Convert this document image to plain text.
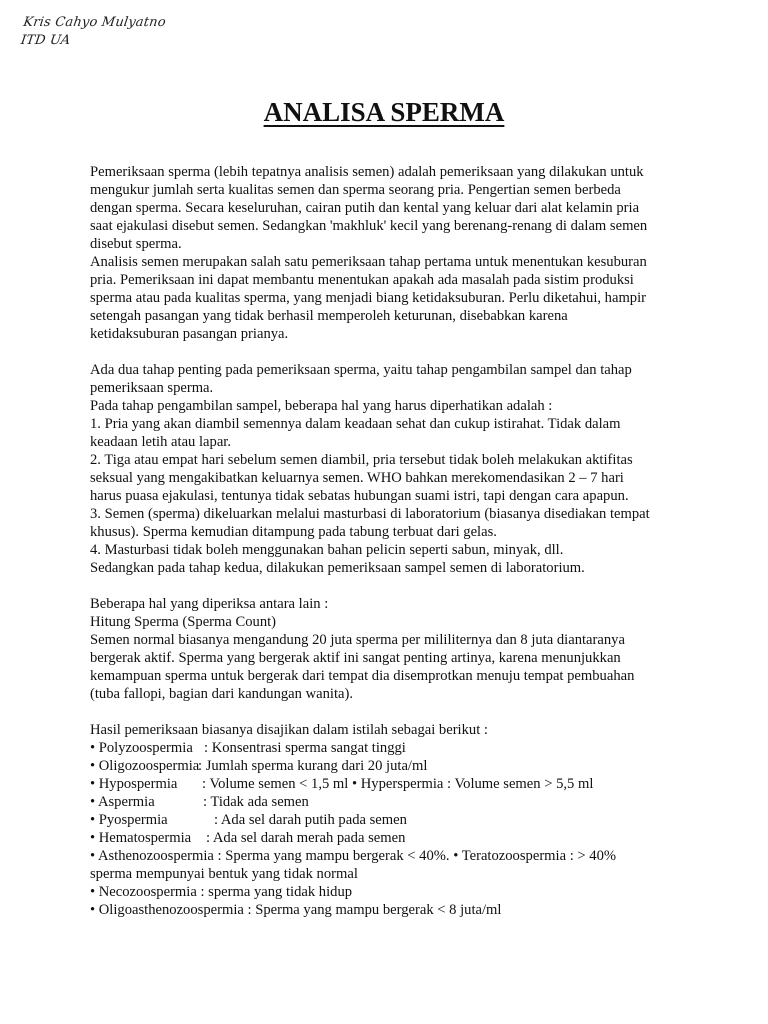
Kris Cahyo Mulyatno
ITD UA
ANALISA SPERMA
Pemeriksaan sperma (lebih tepatnya analisis semen) adalah pemeriksaan yang dilakukan untuk
mengukur jumlah serta kualitas semen dan sperma seorang pria. Pengertian semen berbeda
dengan sperma. Secara keseluruhan, cairan putih dan kental yang keluar dari alat kelamin pria
saat ejakulasi disebut semen. Sedangkan 'makhluk' kecil yang berenang-renang di dalam semen
disebut sperma.
Analisis semen merupakan salah satu pemeriksaan tahap pertama untuk menentukan kesuburan
pria. Pemeriksaan ini dapat membantu menentukan apakah ada masalah pada sistim produksi
sperma atau pada kualitas sperma, yang menjadi biang ketidaksuburan. Perlu diketahui, hampir
setengah pasangan yang tidak berhasil memperoleh keturunan, disebabkan karena
ketidaksuburan pasangan prianya.
Ada dua tahap penting pada pemeriksaan sperma, yaitu tahap pengambilan sampel dan tahap
pemeriksaan sperma.
Pada tahap pengambilan sampel, beberapa hal yang harus diperhatikan adalah :
1. Pria yang akan diambil semennya dalam keadaan sehat dan cukup istirahat. Tidak dalam
keadaan letih atau lapar.
2. Tiga atau empat hari sebelum semen diambil, pria tersebut tidak boleh melakukan aktifitas
seksual yang mengakibatkan keluarnya semen. WHO bahkan merekomendasikan 2 – 7 hari
harus puasa ejakulasi, tentunya tidak sebatas hubungan suami istri, tapi dengan cara apapun.
3. Semen (sperma) dikeluarkan melalui masturbasi di laboratorium (biasanya disediakan tempat
khusus). Sperma kemudian ditampung pada tabung terbuat dari gelas.
4. Masturbasi tidak boleh menggunakan bahan pelicin seperti sabun, minyak, dll.
Sedangkan pada tahap kedua, dilakukan pemeriksaan sampel semen di laboratorium.
Beberapa hal yang diperiksa antara lain :
Hitung Sperma (Sperma Count)
Semen normal biasanya mengandung 20 juta sperma per mililiternya dan 8 juta diantaranya
bergerak aktif. Sperma yang bergerak aktif ini sangat penting artinya, karena menunjukkan
kemampuan sperma untuk bergerak dari tempat dia disemprotkan menuju tempat pembuahan
(tuba fallopi, bagian dari kandungan wanita).
Hasil pemeriksaan biasanya disajikan dalam istilah sebagai berikut :
• Polyzoospermia : Konsentrasi sperma sangat tinggi
• Oligozoospermia: Jumlah sperma kurang dari 20 juta/ml
• Hypospermia : Volume semen < 1,5 ml • Hyperspermia : Volume semen > 5,5 ml
• Aspermia	: Tidak ada semen
• Pyospermia	: Ada sel darah putih pada semen
• Hematospermia : Ada sel darah merah pada semen
• Asthenozoospermia : Sperma yang mampu bergerak < 40%. • Teratozoospermia : > 40%
sperma mempunyai bentuk yang tidak normal
• Necozoospermia : sperma yang tidak hidup
• Oligoasthenozoospermia : Sperma yang mampu bergerak < 8 juta/ml
